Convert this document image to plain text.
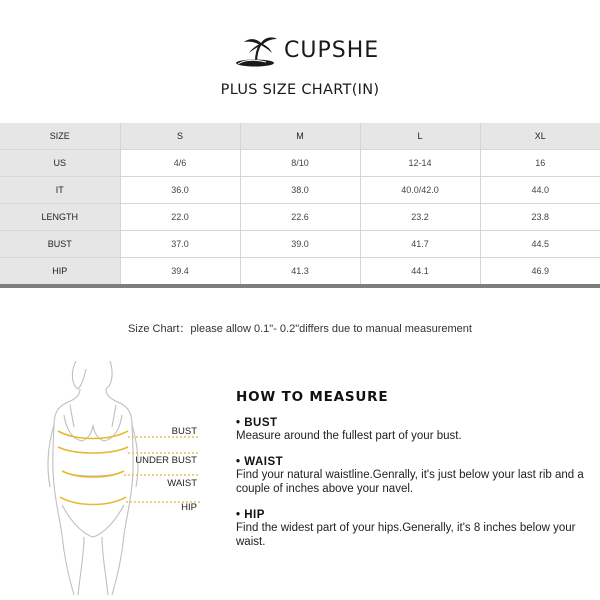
CUPSHE
PLUS SIZE CHART(IN)
SIZE	S	M	L	XL
US	4/6	8/10	12-14	16
IT	36.0	38.0	40.0/42.0	44.0
LENGTH	22.0	22.6	23.2	23.8
BUST	37.0	39.0	41.7	44.5
HIP	39.4	41.3	44.1	46.9
Size Chart：please allow 0.1"- 0.2"differs due to manual measurement
BUST
UNDER BUST
WAIST
HIP
HOW TO MEASURE
• BUST
Measure around the fullest part of your bust.
• WAIST
Find your natural waistline.Genrally, it's just below your last rib and a couple of inches above your navel.
• HIP
Find the widest part of your hips.Generally, it's 8 inches below your waist.
